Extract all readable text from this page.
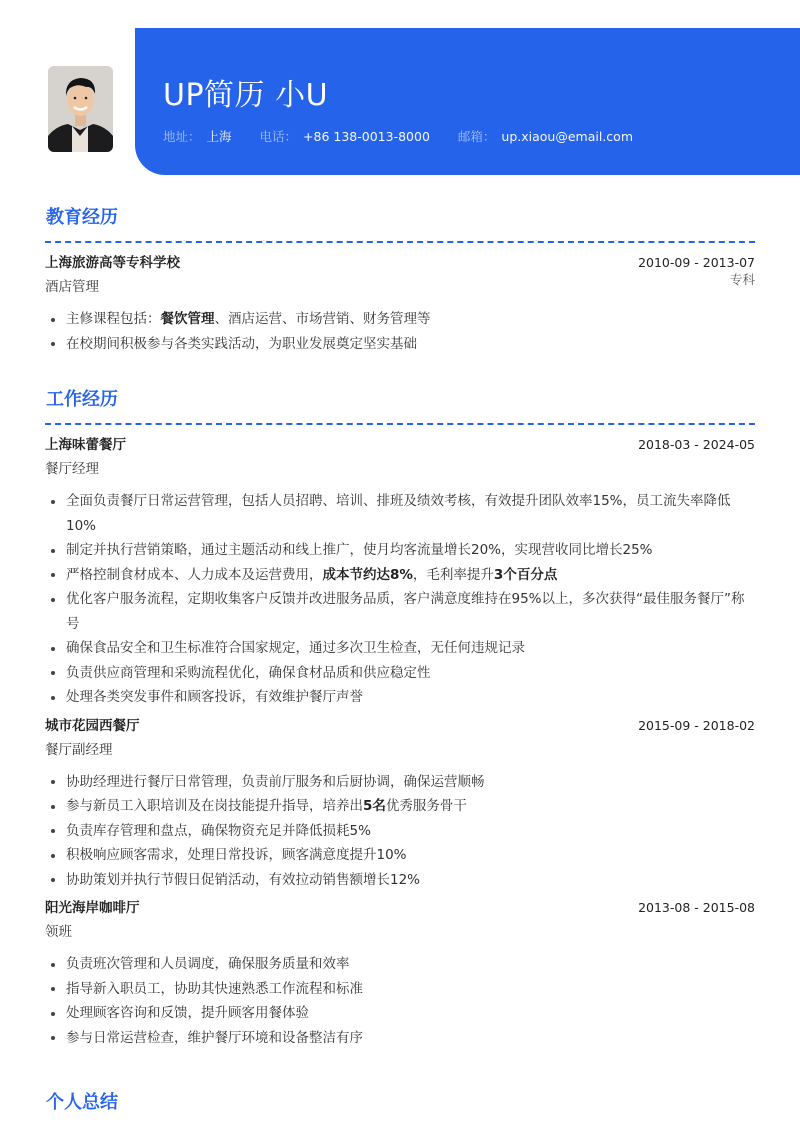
UP简历 小U
地址： 上海 电话： +86 138-0013-8000 邮箱： up.xiaou@email.com
教育经历
上海旅游高等专科学校	2010-09 - 2013-07
酒店管理	专科
主修课程包括：餐饮管理、酒店运营、市场营销、财务管理等
在校期间积极参与各类实践活动，为职业发展奠定坚实基础
工作经历
上海味蕾餐厅	2018-03 - 2024-05
餐厅经理
全面负责餐厅日常运营管理，包括人员招聘、培训、排班及绩效考核，有效提升团队效率15%，员工流失率降低10%
制定并执行营销策略，通过主题活动和线上推广，使月均客流量增长20%，实现营收同比增长25%
严格控制食材成本、人力成本及运营费用，成本节约达8%，毛利率提升3个百分点
优化客户服务流程，定期收集客户反馈并改进服务品质，客户满意度维持在95%以上，多次获得“最佳服务餐厅”称号
确保食品安全和卫生标准符合国家规定，通过多次卫生检查，无任何违规记录
负责供应商管理和采购流程优化，确保食材品质和供应稳定性
处理各类突发事件和顾客投诉，有效维护餐厅声誉
城市花园西餐厅	2015-09 - 2018-02
餐厅副经理
协助经理进行餐厅日常管理，负责前厅服务和后厨协调，确保运营顺畅
参与新员工入职培训及在岗技能提升指导，培养出5名优秀服务骨干
负责库存管理和盘点，确保物资充足并降低损耗5%
积极响应顾客需求，处理日常投诉，顾客满意度提升10%
协助策划并执行节假日促销活动，有效拉动销售额增长12%
阳光海岸咖啡厅	2013-08 - 2015-08
领班
负责班次管理和人员调度，确保服务质量和效率
指导新入职员工，协助其快速熟悉工作流程和标准
处理顾客咨询和反馈，提升顾客用餐体验
参与日常运营检查，维护餐厅环境和设备整洁有序
个人总结
